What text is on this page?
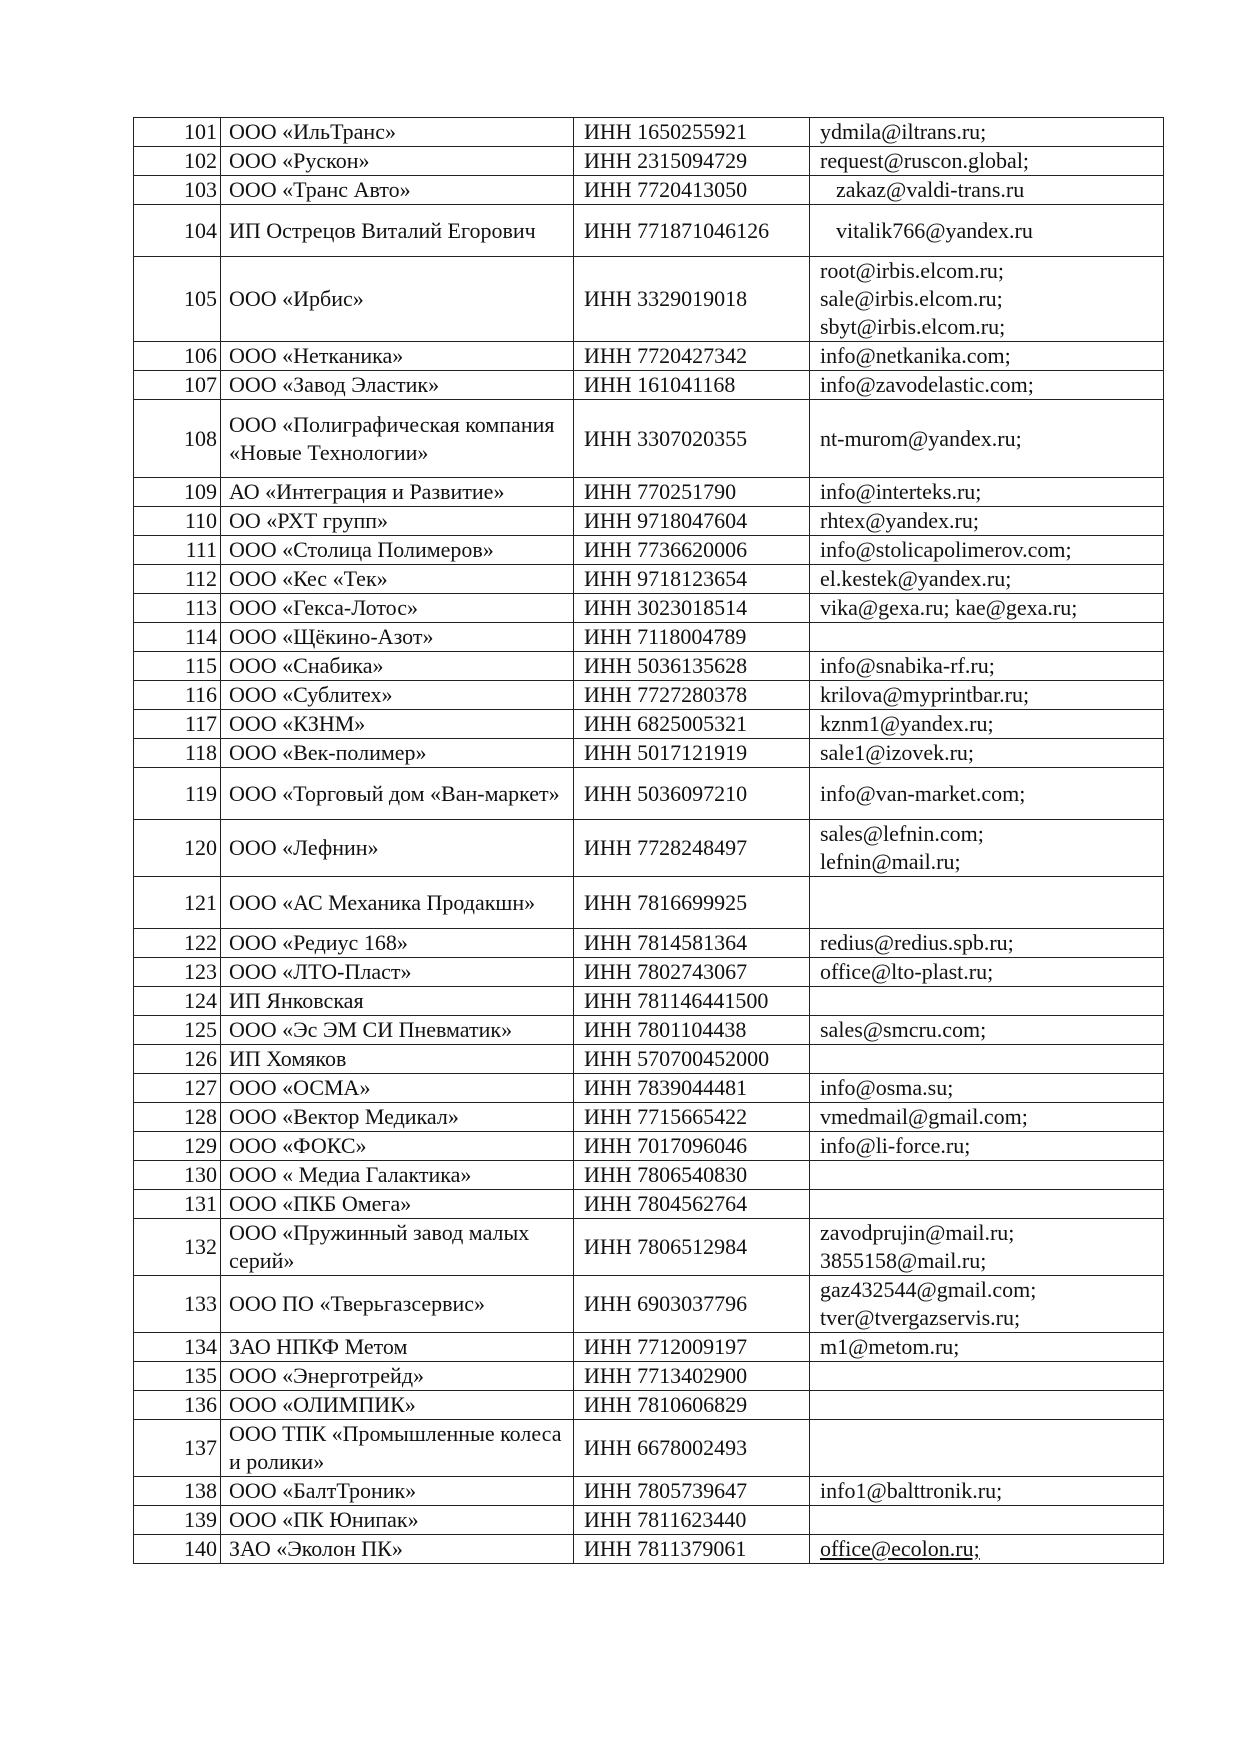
101	ООО «ИльТранс»	ИНН 1650255921	ydmila@iltrans.ru;

102	ООО «Рускон»	ИНН 2315094729	request@ruscon.global;

103	ООО «Транс Авто»	ИНН 7720413050	zakaz@valdi-trans.ru

104	ИП Острецов Виталий Егорович	ИНН 771871046126	vitalik766@yandex.ru

105	ООО «Ирбис»	ИНН 3329019018	root@irbis.elcom.ru;
sale@irbis.elcom.ru;
sbyt@irbis.elcom.ru;

106	ООО «Нетканика»	ИНН 7720427342	info@netkanika.com;

107	ООО «Завод Эластик»	ИНН 161041168	info@zavodelastic.com;

108	ООО «Полиграфическая компания «Новые Технологии»	ИНН 3307020355	nt-murom@yandex.ru;

109	АО «Интеграция и Развитие»	ИНН 770251790	info@interteks.ru;

110	ОО «РХТ групп»	ИНН 9718047604	rhtex@yandex.ru;

111	ООО «Столица Полимеров»	ИНН 7736620006	info@stolicapolimerov.com;

112	ООО «Кес «Тек»	ИНН 9718123654	el.kestek@yandex.ru;

113	ООО «Гекса-Лотос»	ИНН 3023018514	vika@gexa.ru; kae@gexa.ru;

114	ООО «Щёкино-Азот»	ИНН 7118004789	
115	ООО «Снабика»	ИНН 5036135628	info@snabika-rf.ru;

116	ООО «Сублитех»	ИНН 7727280378	krilova@myprintbar.ru;

117	ООО «КЗНМ»	ИНН 6825005321	kznm1@yandex.ru;

118	ООО «Век-полимер»	ИНН 5017121919	sale1@izovek.ru;

119	ООО «Торговый дом «Ван-маркет»	ИНН 5036097210	info@van-market.com;

120	ООО «Лефнин»	ИНН 7728248497	sales@lefnin.com;
lefnin@mail.ru;

121	ООО «АС Механика Продакшн»	ИНН 7816699925	
122	ООО «Редиус 168»	ИНН 7814581364	redius@redius.spb.ru;

123	ООО «ЛТО-Пласт»	ИНН 7802743067	office@lto-plast.ru;

124	ИП Янковская	ИНН 781146441500	
125	ООО «Эс ЭМ СИ Пневматик»	ИНН 7801104438	sales@smcru.com;

126	ИП Хомяков	ИНН 570700452000	
127	ООО «ОСМА»	ИНН 7839044481	info@osma.su;

128	ООО «Вектор Медикал»	ИНН 7715665422	vmedmail@gmail.com;

129	ООО «ФОКС»	ИНН 7017096046	info@li-force.ru;

130	ООО « Медиа Галактика»	ИНН 7806540830	
131	ООО «ПКБ Омега»	ИНН 7804562764	
132	ООО «Пружинный завод малых серий»	ИНН 7806512984	zavodprujin@mail.ru;
3855158@mail.ru;

133	ООО ПО «Тверьгазсервис»	ИНН 6903037796	gaz432544@gmail.com;
tver@tvergazservis.ru;

134	ЗАО НПКФ Метом	ИНН 7712009197	m1@metom.ru;

135	ООО «Энерготрейд»	ИНН 7713402900	
136	ООО «ОЛИМПИК»	ИНН 7810606829	
137	ООО ТПК «Промышленные колеса и ролики»	ИНН 6678002493	
138	ООО «БалтТроник»	ИНН 7805739647	info1@balttronik.ru;

139	ООО «ПК Юнипак»	ИНН 7811623440	
140	ЗАО «Эколон ПК»	ИНН 7811379061	office@ecolon.ru;
